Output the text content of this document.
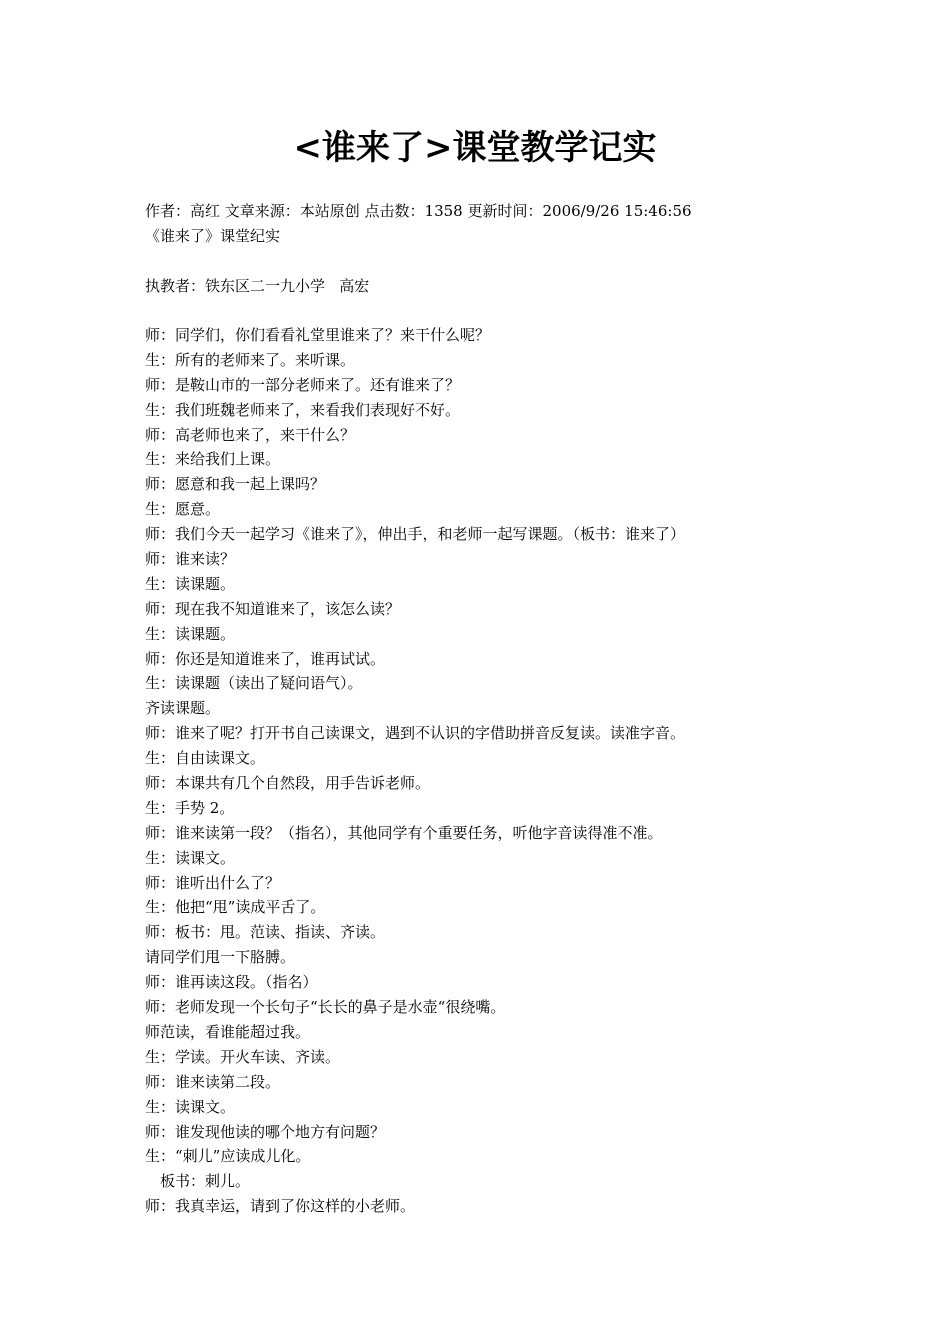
<谁来了>课堂教学记实
作者：高红 文章来源：本站原创 点击数：1358 更新时间：2006/9/26 15:46:56
《谁来了》课堂纪实
执教者：铁东区二一九小学   高宏
师：同学们，你们看看礼堂里谁来了？来干什么呢？
生：所有的老师来了。来听课。
师：是鞍山市的一部分老师来了。还有谁来了？
生：我们班魏老师来了，来看我们表现好不好。
师：高老师也来了，来干什么？
生：来给我们上课。
师：愿意和我一起上课吗？
生：愿意。
师：我们今天一起学习《谁来了》，伸出手，和老师一起写课题。（板书：谁来了）
师：谁来读？
生：读课题。
师：现在我不知道谁来了，该怎么读？
生：读课题。
师：你还是知道谁来了，谁再试试。
生：读课题（读出了疑问语气）。
齐读课题。
师：谁来了呢？打开书自己读课文，遇到不认识的字借助拼音反复读。读准字音。
生：自由读课文。
师：本课共有几个自然段，用手告诉老师。
生：手势 2。
师：谁来读第一段？（指名），其他同学有个重要任务，听他字音读得准不准。
生：读课文。
师：谁听出什么了？
生：他把“甩”读成平舌了。
师：板书：甩。范读、指读、齐读。
请同学们甩一下胳膊。
师：谁再读这段。（指名）
师：老师发现一个长句子“长长的鼻子是水壶“很绕嘴。
师范读，看谁能超过我。
生：学读。开火车读、齐读。
师：谁来读第二段。
生：读课文。
师：谁发现他读的哪个地方有问题？
生：“刺儿”应读成儿化。
板书：刺儿。
师：我真幸运，请到了你这样的小老师。
